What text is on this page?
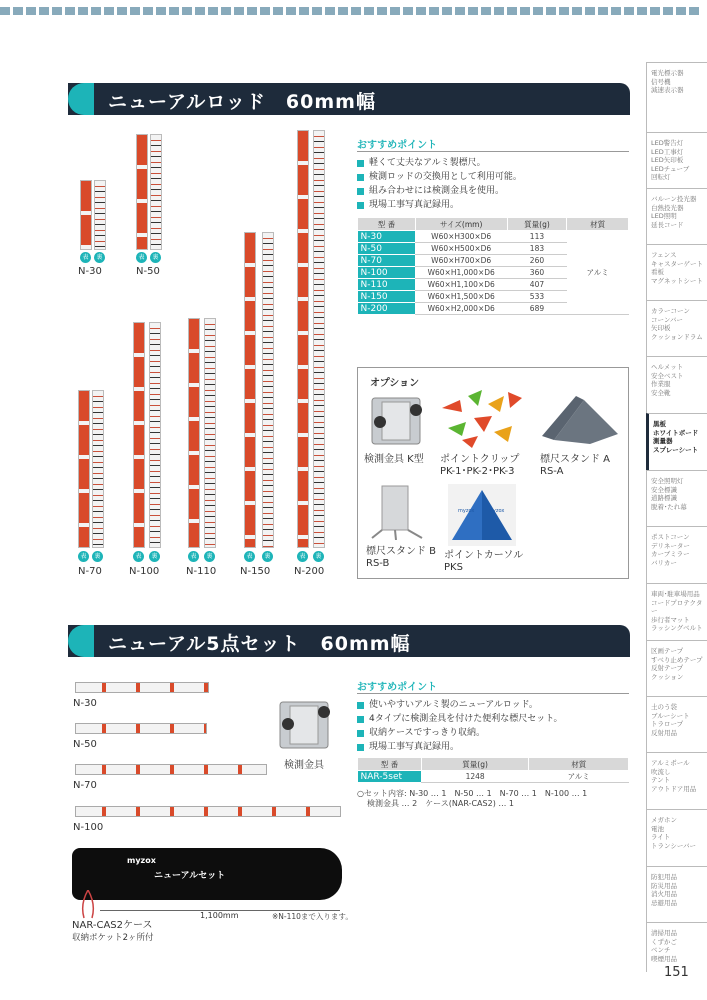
ニューアルロッド　60mm幅
おすすめポイント
軽くて丈夫なアルミ製標尺。
検測ロッドの交換用として利用可能。
組み合わせには検測金具を使用。
現場工事写真記録用。
型 番	サイズ(mm)	質量(g)	材質
N-30	W60×H300×D6	113	アルミ
N-50	W60×H500×D6	183	
N-70	W60×H700×D6	260	
N-100	W60×H1,000×D6	360	
N-110	W60×H1,100×D6	407	
N-150	W60×H1,500×D6	533	
N-200	W60×H2,000×D6	689	
表	裏
N-30
表	裏
N-50
表	裏
N-70
表	裏
N-100
表	裏
N-110
表	裏
N-150
表	裏
N-200
オプション
検測金具 K型 ポイントクリップ
PK-1･PK-2･PK-3
標尺スタンド A
RS-A
標尺スタンド B
RS-B
myzox	myzox
ポイントカーソル
PKS
ニューアル5点セット　60mm幅
おすすめポイント
使いやすいアルミ製のニューアルロッド。
4タイプに検測金具を付けた便利な標尺セット。
収納ケースですっきり収納。
現場工事写真記録用。
型 番	質量(g)	材質
NAR-5set	1248	アルミ
○セット内容: N-30 … 1　N-50 … 1　N-70 … 1　N-100 … 1
検測金具 … 2　ケース(NAR-CAS2) … 1
N-30
N-50
N-70
N-100
検測金具
myzox
ニューアルセット
1,100mm	※N-110まで入ります。
NAR-CAS2ケース
収納ポケット2ヶ所付
電光標示器
信号機
減速表示器
LED警告灯
LED工事灯
LED矢印板
LEDチューブ
回転灯
バルーン投光器
白熱投光器
LED照明
延長コード
フェンス
キャスターゲート
看板
マグネットシート
カラーコーン
コーンバー
矢印板
クッションドラム
ヘルメット
安全ベスト
作業服
安全靴
黒板
ホワイトボード
測量器
スプレーシート
安全照明灯
安全標識
道路標識
脱着･たれ幕
ポストコーン
デリネーター
カーブミラー
バリカー
車両･駐車場用品
コードプロテクター
歩行者マット
ラッシングベルト
区画テープ
すべり止めテープ
反射テープ
クッション
土のう袋
ブルーシート
トラロープ
反射用品
アルミポール
吹流し
テント
アウトドア用品
メガホン
電池
ライト
トランシーバー
防犯用品
防災用品
消火用品
忌避用品
清掃用品
くずかご
ベンチ
喫煙用品
151
